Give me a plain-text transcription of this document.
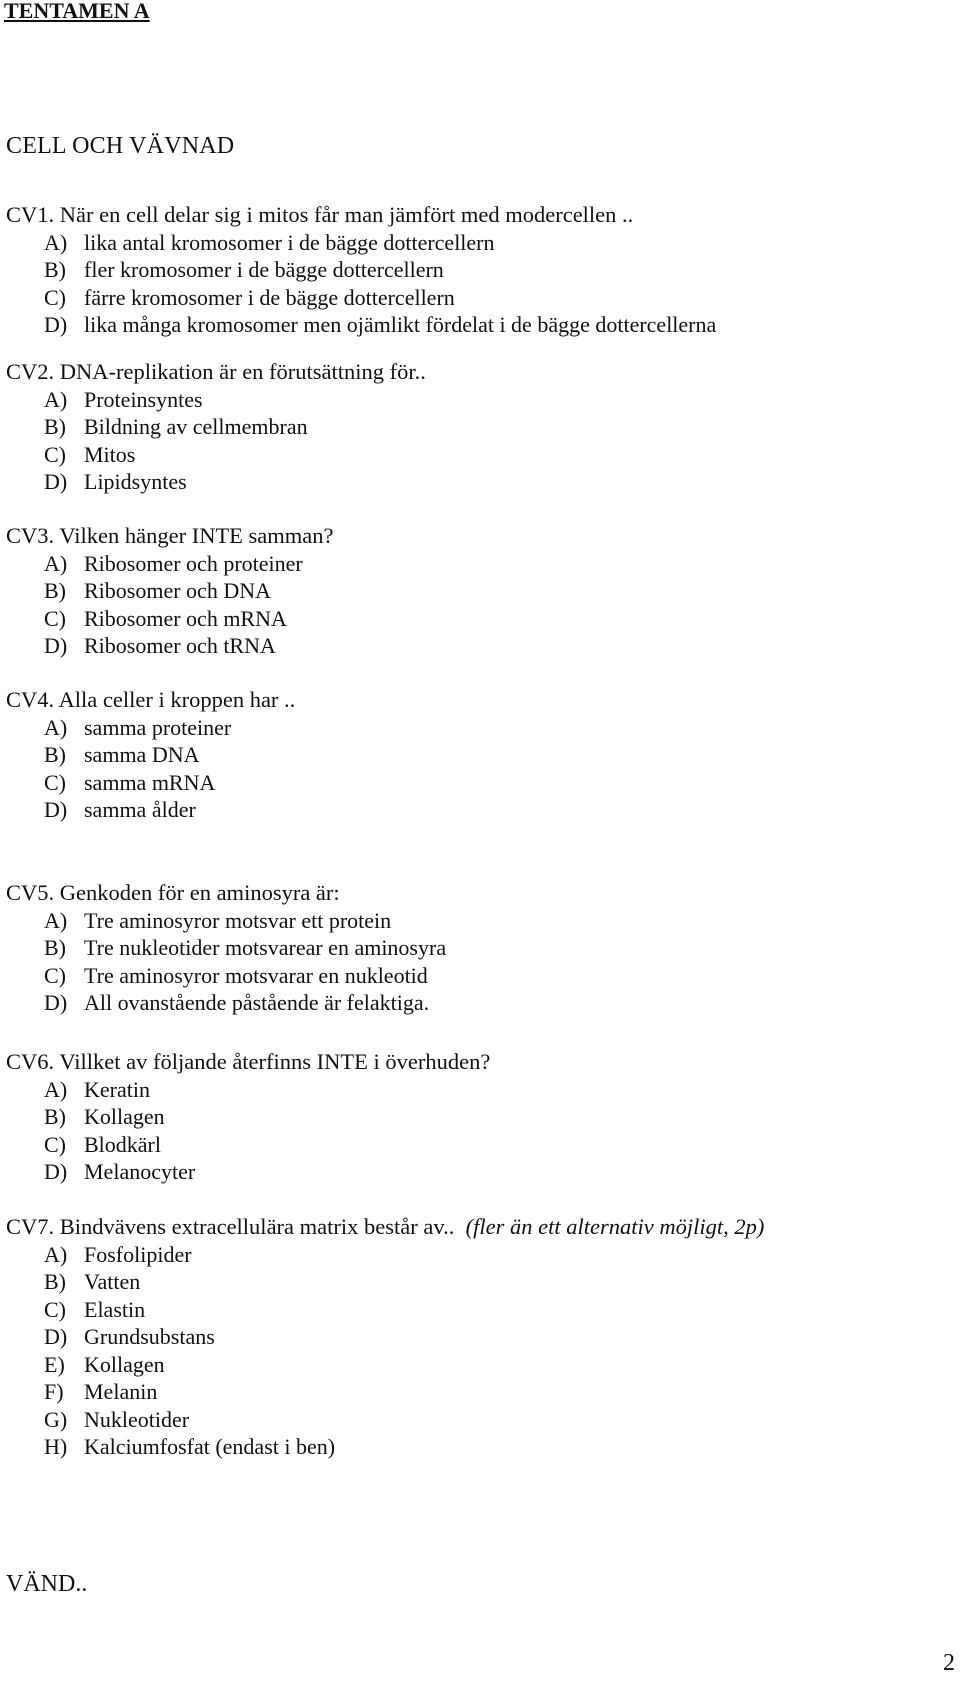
TENTAMEN A
CELL OCH VÄVNAD

CV1. När en cell delar sig i mitos får man jämfört med modercellen ..

A) lika antal kromosomer i de bägge dottercellern
B) fler kromosomer i de bägge dottercellern
C) färre kromosomer i de bägge dottercellern
D) lika många kromosomer men ojämlikt fördelat i de bägge dottercellerna

CV2. DNA-replikation är en förutsättning för..

A) Proteinsyntes
B) Bildning av cellmembran
C) Mitos
D) Lipidsyntes

CV3. Vilken hänger INTE samman?

A) Ribosomer och proteiner
B) Ribosomer och DNA
C) Ribosomer och mRNA
D) Ribosomer och tRNA

CV4. Alla celler i kroppen har ..

A) samma proteiner
B) samma DNA
C) samma mRNA
D) samma ålder

CV5. Genkoden för en aminosyra är:

A) Tre aminosyror motsvar ett protein
B) Tre nukleotider motsvarear en aminosyra
C) Tre aminosyror motsvarar en nukleotid
D) All ovanstående påstående är felaktiga.

CV6. Villket av följande återfinns INTE i överhuden?

A) Keratin
B) Kollagen
C) Blodkärl
D) Melanocyter

CV7. Bindvävens extracellulära matrix består av.. (fler än ett alternativ möjligt, 2p)

A) Fosfolipider
B) Vatten
C) Elastin
D) Grundsubstans
E) Kollagen
F) Melanin
G) Nukleotider
H) Kalciumfosfat (endast i ben)

VÄND..

2
